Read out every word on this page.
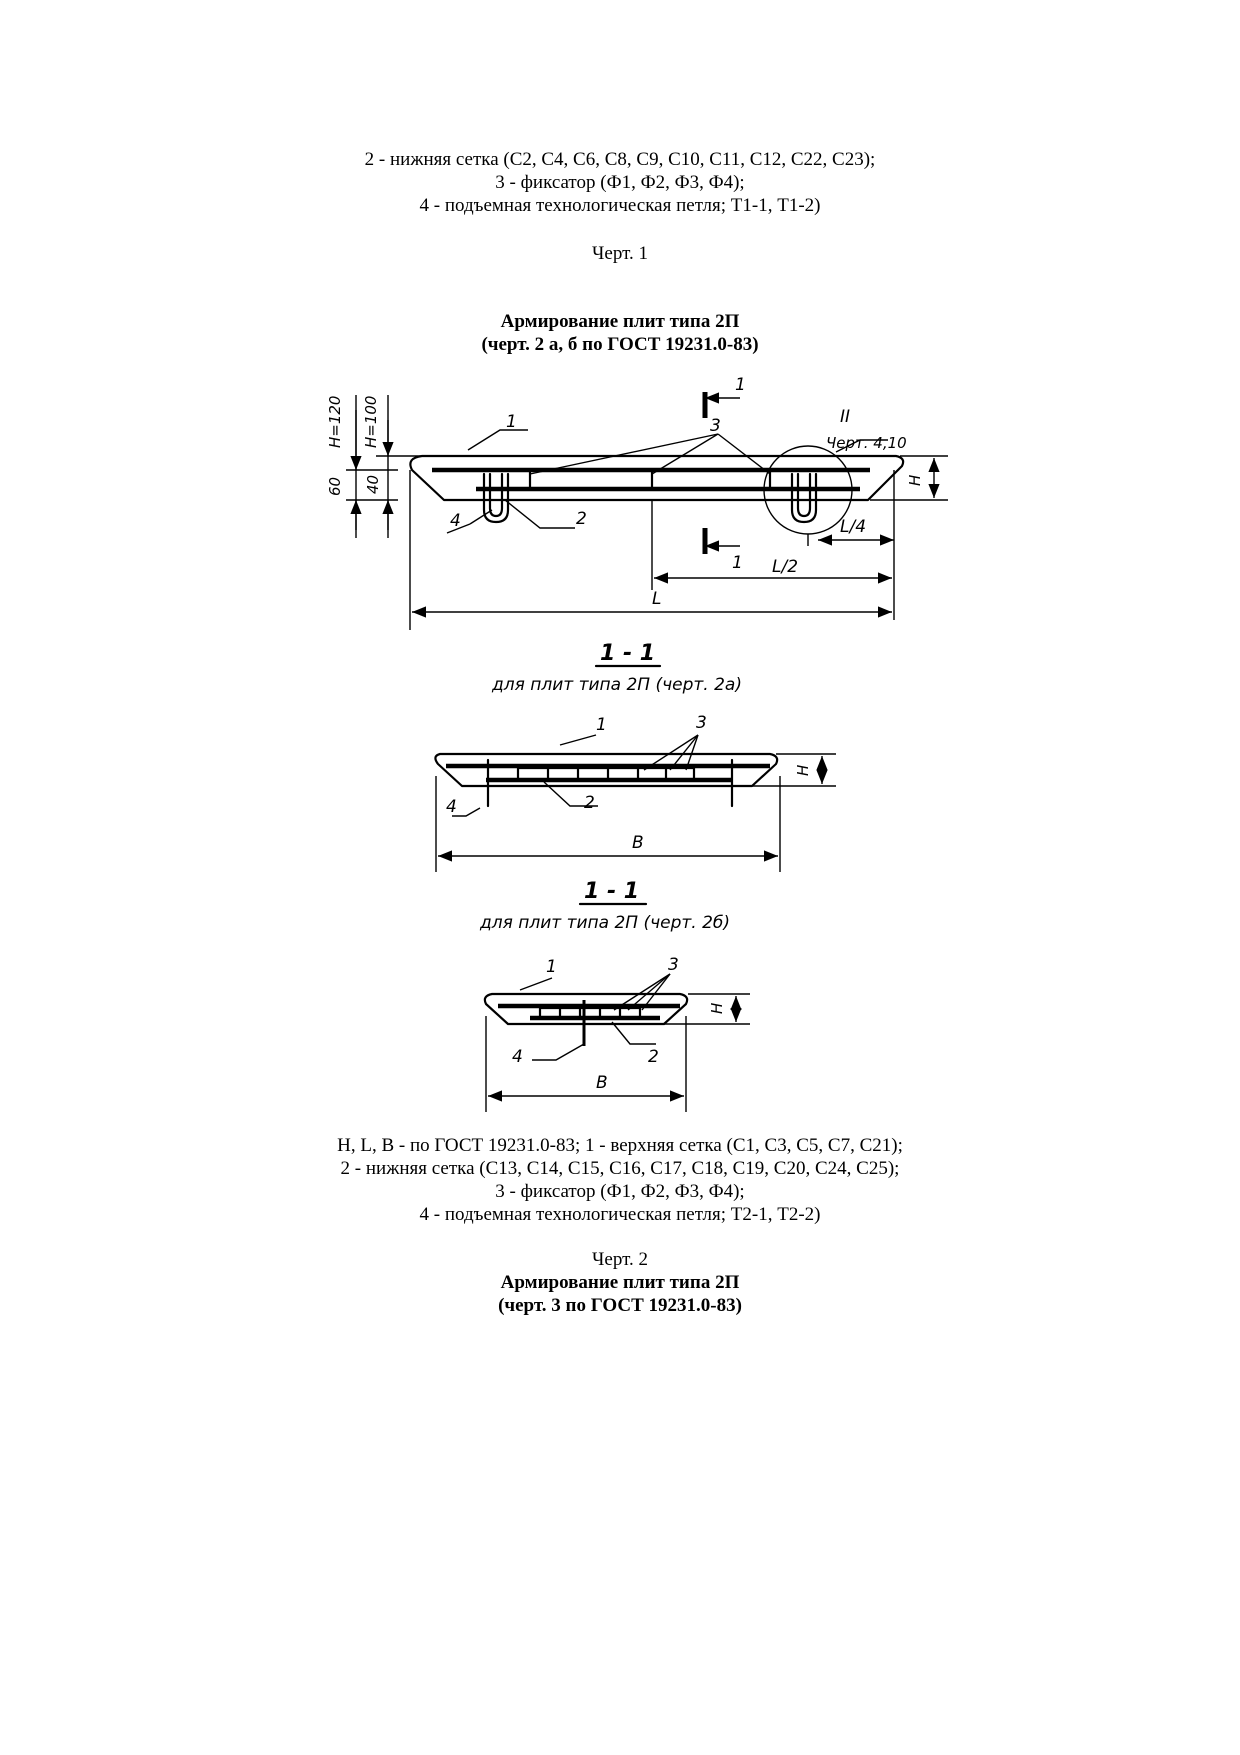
2 - нижняя сетка (С2, С4, С6, С8, С9, С10, С11, С12, С22, С23);
3 - фиксатор (Ф1, Ф2, Ф3, Ф4);
4 - подъемная технологическая петля; Т1-1, Т1-2)
Черт. 1
Армирование плит типа 2П
(черт. 2 а, б по ГОСТ 19231.0-83)
H=120 H=100
60 40
1
2
4
3
1
1
II
Черт. 4,10
H
L/4
L/2
L
1 - 1
для плит типа 2П (черт. 2а)
1	3
2
4
H
В
1 - 1
для плит типа 2П (черт. 2б)
1	3
2
4
H
В
H, L, B - по ГОСТ 19231.0-83; 1 - верхняя сетка (С1, С3, С5, С7, С21);
2 - нижняя сетка (С13, С14, С15, С16, С17, С18, С19, С20, С24, С25);
3 - фиксатор (Ф1, Ф2, Ф3, Ф4);
4 - подъемная технологическая петля; Т2-1, Т2-2)
Черт. 2
Армирование плит типа 2П
(черт. 3 по ГОСТ 19231.0-83)
